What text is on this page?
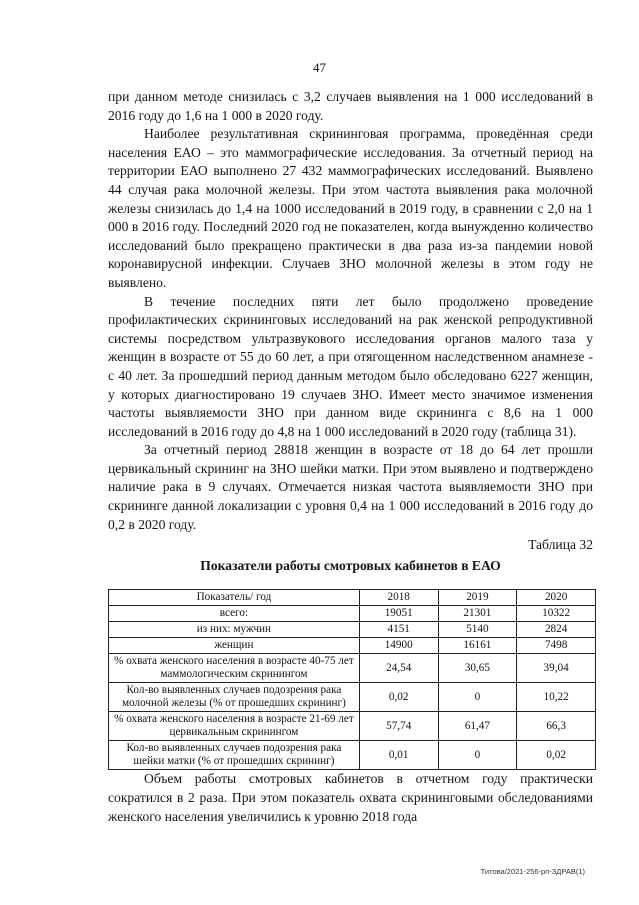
47

при данном методе снизилась с 3,2 случаев выявления на 1 000 исследований в 2016 году до 1,6 на 1 000 в 2020 году.

Наиболее результативная скрининговая программа, проведённая среди населения ЕАО – это маммографические исследования. За отчетный период на территории ЕАО выполнено 27 432 маммографических исследований. Выявлено 44 случая рака молочной железы. При этом частота выявления рака молочной железы снизилась до 1,4 на 1000 исследований в 2019 году, в сравнении с 2,0 на 1 000 в 2016 году. Последний 2020 год не показателен, когда вынужденно количество исследований было прекращено практически в два раза из-за пандемии новой коронавирусной инфекции. Случаев ЗНО молочной железы в этом году не выявлено.

В течение последних пяти лет было продолжено проведение профилактических скрининговых исследований на рак женской репродуктивной системы посредством ультразвукового исследования органов малого таза у женщин в возрасте от 55 до 60 лет, а при отягощенном наследственном анамнезе - с 40 лет. За прошедший период данным методом было обследовано 6227 женщин, у которых диагностировано 19 случаев ЗНО. Имеет место значимое изменения частоты выявляемости ЗНО при данном виде скрининга с 8,6 на 1 000 исследований в 2016 году до 4,8 на 1 000 исследований в 2020 году (таблица 31).

За отчетный период 28818 женщин в возрасте от 18 до 64 лет прошли цервикальный скрининг на ЗНО шейки матки. При этом выявлено и подтверждено наличие рака в 9 случаях. Отмечается низкая частота выявляемости ЗНО при скрининге данной локализации с уровня 0,4 на 1 000 исследований в 2016 году до 0,2 в 2020 году.

Таблица 32
Показатели работы смотровых кабинетов в ЕАО
Показатель/ год	2018	2019	2020
всего:	19051	21301	10322
из них: мужчин	4151	5140	2824
женщин	14900	16161	7498
% охвата женского населения в возрасте 40-75 лет маммологическим скринингом	24,54	30,65	39,04
Кол-во выявленных случаев подозрения рака молочной железы (% от прошедших скрининг)	0,02	0	10,22
% охвата женского населения в возрасте 21-69 лет цервикальным скринингом	57,74	61,47	66,3
Кол-во выявленных случаев подозрения рака шейки матки (% от прошедших скрининг)	0,01	0	0,02

Объем работы смотровых кабинетов в отчетном году практически сократился в 2 раза. При этом показатель охвата скрининговыми обследованиями женского населения увеличились к уровню 2018 года

Титова/2021-256-рп-ЗДРАВ(1)
